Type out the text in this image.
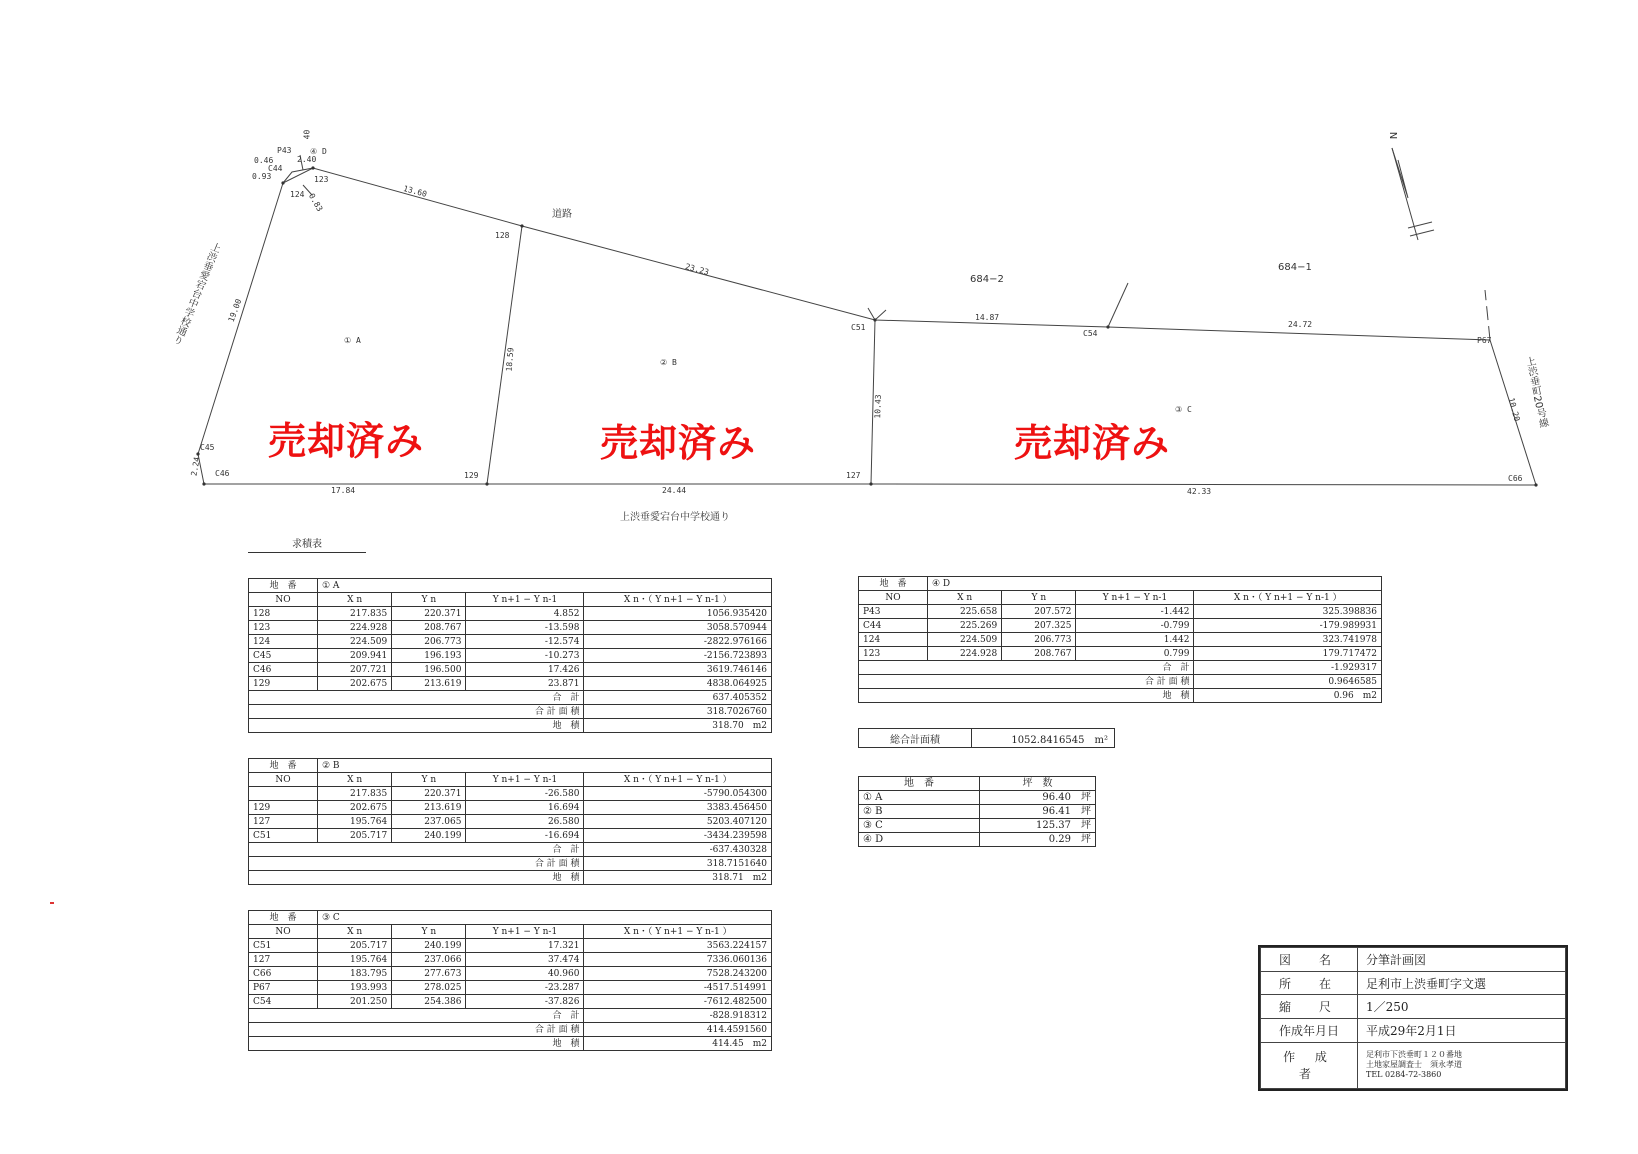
道路
上渋垂愛宕台中学校通り
上渋垂愛宕台中学校通り
上渋垂町20号線
N
① A
② B
③ C
④ D
684−2
684−1
売却済み	売却済み	売却済み
P43
C44
123
124
128
C51
C54
P67
C66
127
129
C46
C45
13.60
23.23
14.87
24.72
10.20
42.33
24.44
17.84
19.00
18.59
10.43
2.40
0.46
0.93
0.83
40
2.24
求積表
地　番	① A			
NO	X n	Y n	Y n+1 − Y n-1	X n・（ Y n+1 − Y n-1 ）
128	217.835	220.371	4.852	1056.935420
123	224.928	208.767	-13.598	3058.570944
124	224.509	206.773	-12.574	-2822.976166
C45	209.941	196.193	-10.273	-2156.723893
C46	207.721	196.500	17.426	3619.746146
129	202.675	213.619	23.871	4838.064925
合　計				637.405352
合 計 面 積				318.7026760
地　積				318.70　m2
地　番	② B			
NO	X n	Y n	Y n+1 − Y n-1	X n・（ Y n+1 − Y n-1 ）
	217.835	220.371	-26.580	-5790.054300
129	202.675	213.619	16.694	3383.456450
127	195.764	237.065	26.580	5203.407120
C51	205.717	240.199	-16.694	-3434.239598
合　計				-637.430328
合 計 面 積				318.7151640
地　積				318.71　m2
地　番	③ C			
NO	X n	Y n	Y n+1 − Y n-1	X n・（ Y n+1 − Y n-1 ）
C51	205.717	240.199	17.321	3563.224157
127	195.764	237.066	37.474	7336.060136
C66	183.795	277.673	40.960	7528.243200
P67	193.993	278.025	-23.287	-4517.514991
C54	201.250	254.386	-37.826	-7612.482500
合　計				-828.918312
合 計 面 積				414.4591560
地　積				414.45　m2
地　番	④ D			
NO	X n	Y n	Y n+1 − Y n-1	X n・（ Y n+1 − Y n-1 ）
P43	225.658	207.572	-1.442	325.398836
C44	225.269	207.325	-0.799	-179.989931
124	224.509	206.773	1.442	323.741978
123	224.928	208.767	0.799	179.717472
合　計				-1.929317
合 計 面 積				0.9646585
地　積				0.96　m2
総合計面積	1052.8416545　 m²
地　番	坪　数
① A	96.40　 坪
② B	96.41　 坪
③ C	125.37　 坪
④ D	0.29　 坪
図　名	分筆計画図
所　在	足利市上渋垂町字文選
縮　尺	1／250
作成年月日	平成29年2月1日
作 成 者	足利市下渋垂町１２０番地
土地家屋調査士　須永孝道
TEL 0284-72-3860
